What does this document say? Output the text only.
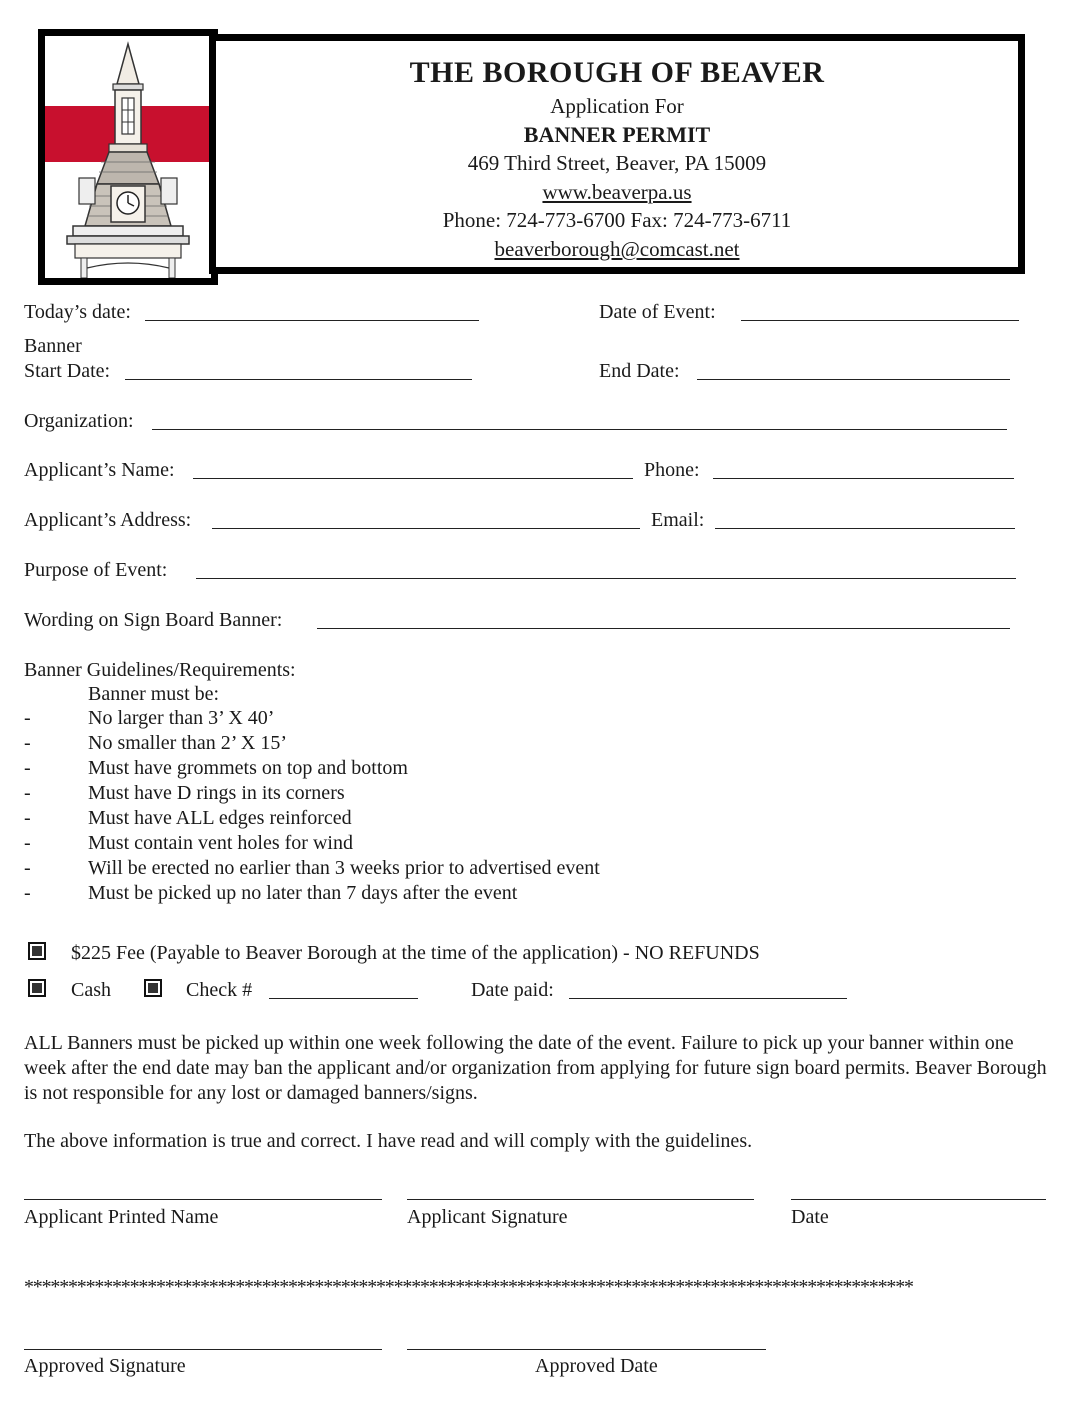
THE BOROUGH OF BEAVER
Application For
BANNER PERMIT
469 Third Street, Beaver, PA 15009
www.beaverpa.us
Phone: 724-773-6700 Fax: 724-773-6711
beaverborough@comcast.net
Today’s date:	Date of Event:
Banner
Start Date:	End Date:
Organization:
Applicant’s Name:	Phone:
Applicant’s Address:	Email:
Purpose of Event:
Wording on Sign Board Banner:
Banner Guidelines/Requirements:
Banner must be:
-	No larger than 3’ X 40’
-	No smaller than 2’ X 15’
-	Must have grommets on top and bottom
-	Must have D rings in its corners
-	Must have ALL edges reinforced
-	Must contain vent holes for wind
-	Will be erected no earlier than 3 weeks prior to advertised event
-	Must be picked up no later than 7 days after the event
$225 Fee (Payable to Beaver Borough at the time of the application) - NO REFUNDS
Cash	Check #	Date paid:
ALL Banners must be picked up within one week following the date of the event. Failure to pick up your banner within one week after the end date may ban the applicant and/or organization from applying for future sign board permits. Beaver Borough is not responsible for any lost or damaged banners/signs.
The above information is true and correct. I have read and will comply with the guidelines.
Applicant Printed Name	Applicant Signature	Date
*****************************************************************************************************
Approved Signature	Approved Date
